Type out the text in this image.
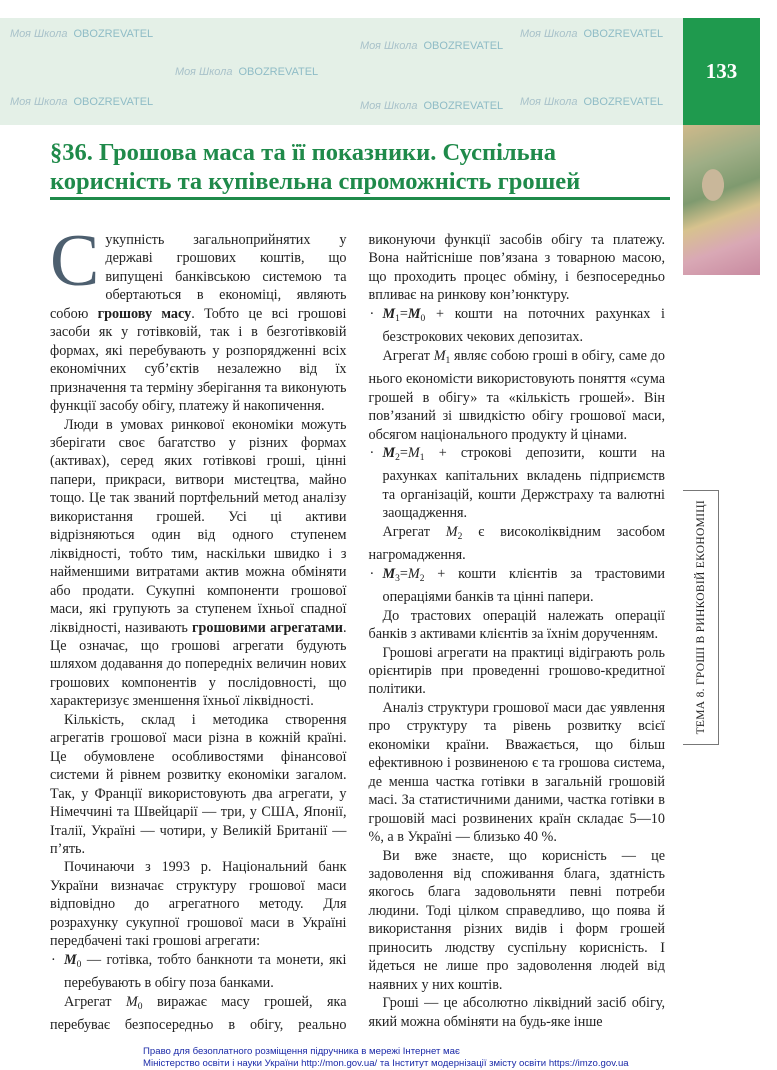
Моя Школа OBOZREVATEL
Моя Школа OBOZREVATEL
Моя Школа OBOZREVATEL
Моя Школа OBOZREVATEL
Моя Школа OBOZREVATEL	Моя Школа OBOZREVATEL Моя Школа OBOZREVATEL
133
§36. Грошова маса та її показники. Суспільна корисність та купівельна спроможність грошей

Сукупність загальноприйнятих у державі грошових коштів, що випущені банківською системою та обертаються в економіці, являють собою грошову масу. Тобто це всі грошові засоби як у готівковій, так і в безготівковій формах, які перебувають у розпорядженні всіх економічних суб’єктів незалежно від їх призначення та терміну зберігання та виконують функції засобу обігу, платежу й накопичення.

Люди в умовах ринкової економіки можуть зберігати своє багатство у різних формах (активах), серед яких готівкові гроші, цінні папери, прикраси, витвори мистецтва, майно тощо. Це так званий портфельний метод аналізу використання грошей. Усі ці активи відрізняються один від одного ступенем ліквідності, тобто тим, наскільки швидко і з найменшими витратами актив можна обміняти або продати. Сукупні компоненти грошової маси, які групують за ступенем їхньої спадної ліквідності, називають грошовими агрегатами. Це означає, що грошові агрегати будують шляхом додавання до попередніх величин нових грошових компонентів у послідовності, що характеризує зменшення їхньої ліквідності.

Кількість, склад і методика створення агрегатів грошової маси різна в кожній країні. Це обумовлене особливостями фінансової системи й рівнем розвитку економіки загалом. Так, у Франції використовують два агрегати, у Німеччині та Швейцарії — три, у США, Японії, Італії, Україні — чотири, у Великій Британії — п’ять.

Починаючи з 1993 р. Національний банк України визначає структуру грошової маси відповідно до агрегатного методу. Для розрахунку сукупної грошової маси в Україні передбачені такі грошові агрегати:

· $M_0$ — готівка, тобто банкноти та монети, які перебувають в обігу поза банками.

Агрегат $M_0$ виражає масу грошей, яка перебуває безпосередньо в обігу, реально виконуючи функції засобів обігу та платежу. Вона найтісніше пов’язана з товарною масою, що проходить процес обміну, і безпосередньо впливає на ринкову кон’юнктуру.

· $M_1=M_0$ + кошти на поточних рахунках і безстрокових чекових депозитах.

Агрегат $M_1$ являє собою гроші в обігу, саме до нього економісти використовують поняття «сума грошей в обігу» та «кількість грошей». Він пов’язаний зі швидкістю обігу грошової маси, обсягом національного продукту й цінами.

· $M_2=M_1$ + строкові депозити, кошти на рахунках капітальних вкладень підприємств та організацій, кошти Держстраху та валютні заощадження.

Агрегат $M_2$ є високоліквідним засобом нагромадження.

· $M_3=M_2$ + кошти клієнтів за трастовими операціями банків та цінні папери.

До трастових операцій належать операції банків з активами клієнтів за їхнім дорученням.

Грошові агрегати на практиці відіграють роль орієнтирів при проведенні грошово-кредитної політики.

Аналіз структури грошової маси дає уявлення про структуру та рівень розвитку всієї економіки країни. Вважається, що більш ефективною і розвиненою є та грошова система, де менша частка готівки в загальній грошовій масі. За статистичними даними, частка готівки в грошовій масі розвинених країн складає 5—10 %, а в Україні — близько 40 %.

Ви вже знаєте, що корисність — це задоволення від споживання блага, здатність якогось блага задовольняти певні потреби людини. Тоді цілком справедливо, що поява й використання різних видів і форм грошей приносить людству суспільну корисність. І йдеться не лише про задоволення людей від наявних у них коштів.

Гроші — це абсолютно ліквідний засіб обігу, який можна обміняти на будь-яке інше

Право для безоплатного розміщення підручника в мережі Інтернет має
Міністерство освіти і науки України http://mon.gov.ua/ та Інститут модернізації змісту освіти https://imzo.gov.ua
ТЕМА 8. ГРОШІ В РИНКОВІЙ ЕКОНОМІЦІ
